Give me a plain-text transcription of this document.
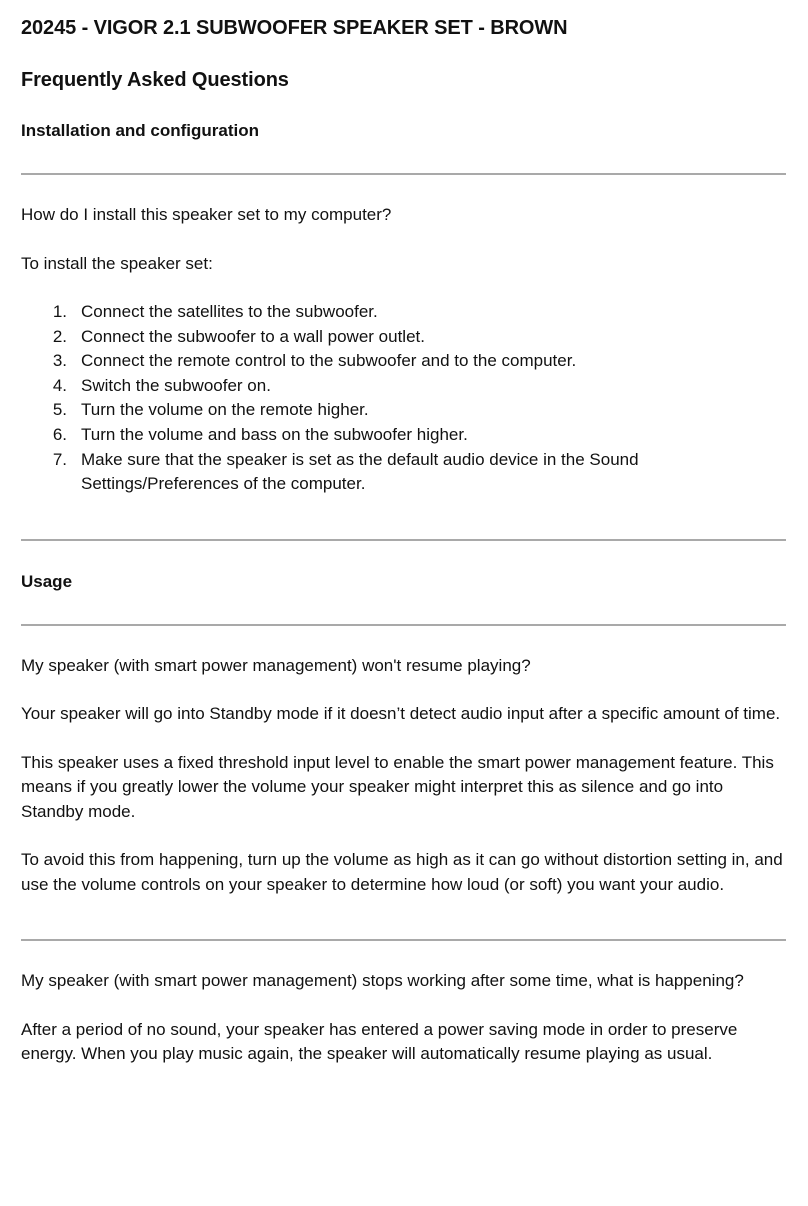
20245 - VIGOR 2.1 SUBWOOFER SPEAKER SET - BROWN
Frequently Asked Questions
Installation and configuration
How do I install this speaker set to my computer?
To install the speaker set:
1. Connect the satellites to the subwoofer.
2. Connect the subwoofer to a wall power outlet.
3. Connect the remote control to the subwoofer and to the computer.
4. Switch the subwoofer on.
5. Turn the volume on the remote higher.
6. Turn the volume and bass on the subwoofer higher.
7. Make sure that the speaker is set as the default audio device in the Sound Settings/Preferences of the computer.
Usage
My speaker (with smart power management) won't resume playing?
Your speaker will go into Standby mode if it doesn’t detect audio input after a specific amount of time.
This speaker uses a fixed threshold input level to enable the smart power management feature. This means if you greatly lower the volume your speaker might interpret this as silence and go into Standby mode.
To avoid this from happening, turn up the volume as high as it can go without distortion setting in, and use the volume controls on your speaker to determine how loud (or soft) you want your audio.
My speaker (with smart power management) stops working after some time, what is happening?
After a period of no sound, your speaker has entered a power saving mode in order to preserve energy. When you play music again, the speaker will automatically resume playing as usual.
